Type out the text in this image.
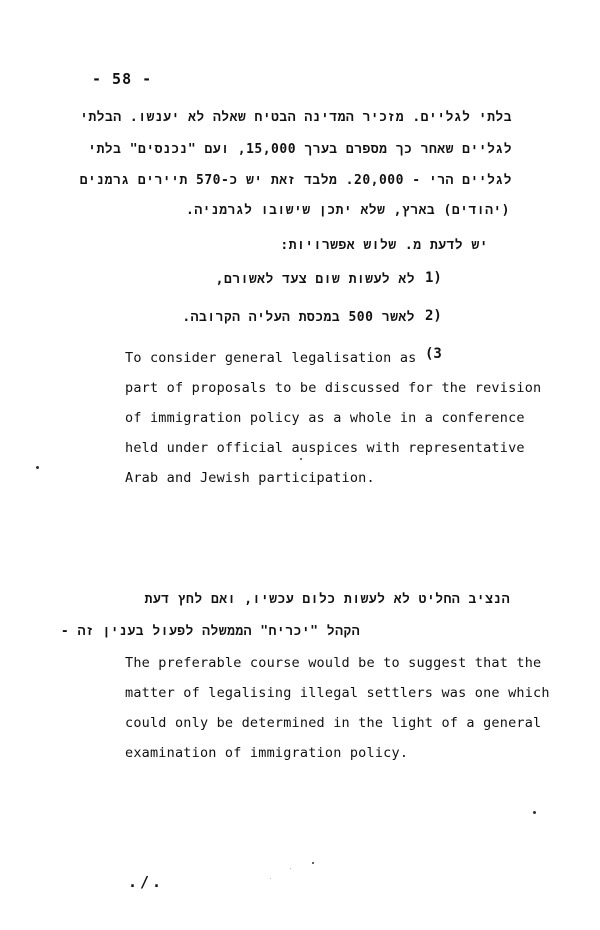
- 58 -
בלתי לגליים. מזכיר המדינה הבטיח שאלה לא יענשו. הבלתי
לגליים שאחר כך מספרם בערך 15,000, ועם "נכנסים" בלתי
לגליים הרי - 20,000. מלבד זאת יש כ-570 תיירים גרמנים
(יהודים) בארץ, שלא יתכן שישובו לגרמניה.
יש לדעת מ. שלוש אפשרויות:
1)
לא לעשות שום צעד לאשורם,
2)
לאשר 500 במכסת העליה הקרובה.
(3
To consider general legalisation as
part of proposals to be discussed for the revision
of immigration policy as a whole in a conference
held under official auspices with representative
Arab and Jewish participation.
הנציב החליט לא לעשות כלום עכשיו, ואם לחץ דעת
הקהל "יכריח" הממשלה לפעול בענין זה -
The preferable course would be to suggest that the
matter of legalising illegal settlers was one which
could only be determined in the light of a general
examination of immigration policy.
./.
